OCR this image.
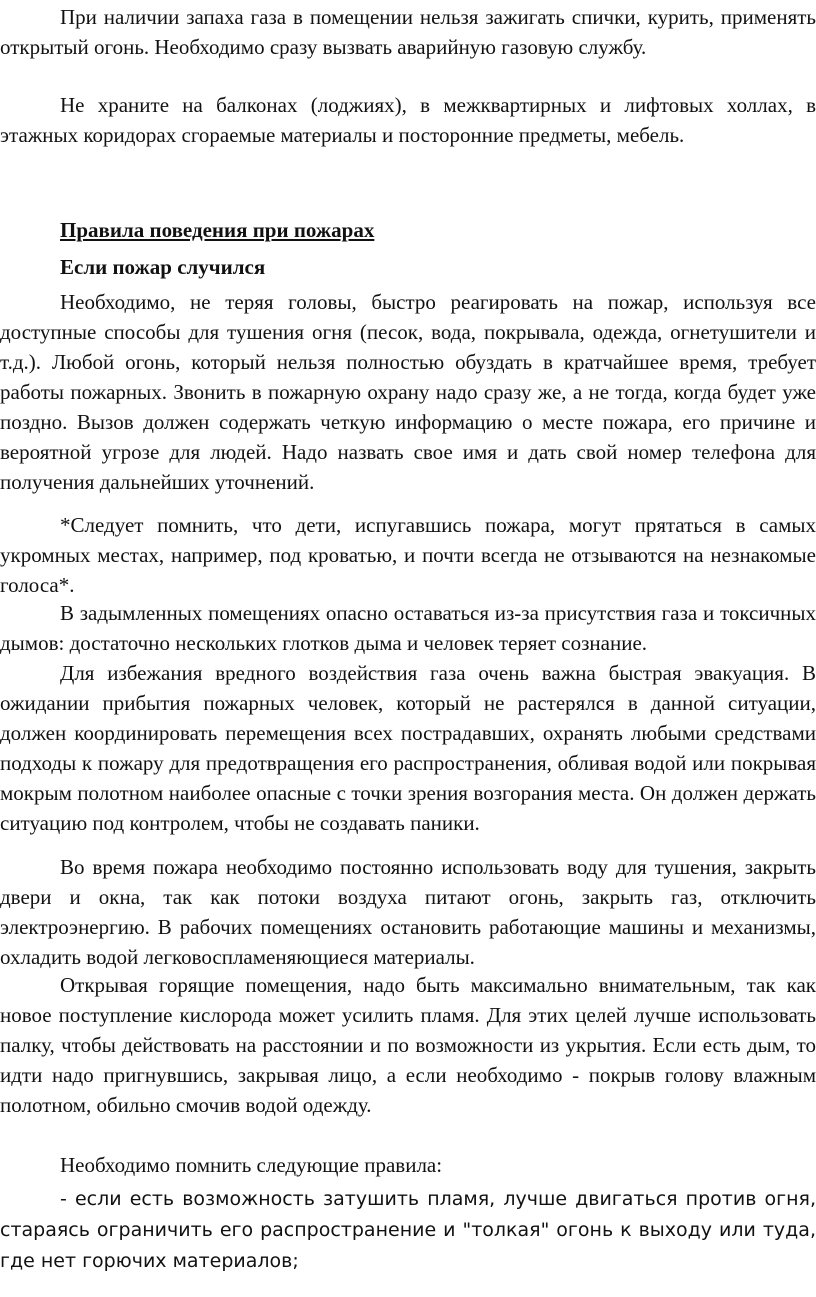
При наличии запаха газа в помещении нельзя зажигать спички, курить, применять открытый огонь. Необходимо сразу вызвать аварийную газовую службу.

Не храните на балконах (лоджиях), в межквартирных и лифтовых холлах, в этажных коридорах сгораемые материалы и посторонние предметы, мебель.

Правила поведения при пожарах
Если пожар случился

Необходимо, не теряя головы, быстро реагировать на пожар, используя все доступные способы для тушения огня (песок, вода, покрывала, одежда, огнетушители и т.д.). Любой огонь, который нельзя полностью обуздать в кратчайшее время, требует работы пожарных. Звонить в пожарную охрану надо сразу же, а не тогда, когда будет уже поздно. Вызов должен содержать четкую информацию о месте пожара, его причине и вероятной угрозе для людей. Надо назвать свое имя и дать свой номер телефона для получения дальнейших уточнений.

*Следует помнить, что дети, испугавшись пожара, могут прятаться в самых укромных местах, например, под кроватью, и почти всегда не отзываются на незнакомые голоса*.

В задымленных помещениях опасно оставаться из-за присутствия газа и токсичных дымов: достаточно нескольких глотков дыма и человек теряет сознание.

Для избежания вредного воздействия газа очень важна быстрая эвакуация. В ожидании прибытия пожарных человек, который не растерялся в данной ситуации, должен координировать перемещения всех пострадавших, охранять любыми средствами подходы к пожару для предотвращения его распространения, обливая водой или покрывая мокрым полотном наиболее опасные с точки зрения возгорания места. Он должен держать ситуацию под контролем, чтобы не создавать паники.

Во время пожара необходимо постоянно использовать воду для тушения, закрыть двери и окна, так как потоки воздуха питают огонь, закрыть газ, отключить электроэнергию. В рабочих помещениях остановить работающие машины и механизмы, охладить водой легковоспламеняющиеся материалы.

Открывая горящие помещения, надо быть максимально внимательным, так как новое поступление кислорода может усилить пламя. Для этих целей лучше использовать палку, чтобы действовать на расстоянии и по возможности из укрытия. Если есть дым, то идти надо пригнувшись, закрывая лицо, а если необходимо - покрыв голову влажным полотном, обильно смочив водой одежду.

Необходимо помнить следующие правила:

- если есть возможность затушить пламя, лучше двигаться против огня, стараясь ограничить его распространение и "толкая" огонь к выходу или туда, где нет горючих материалов;
